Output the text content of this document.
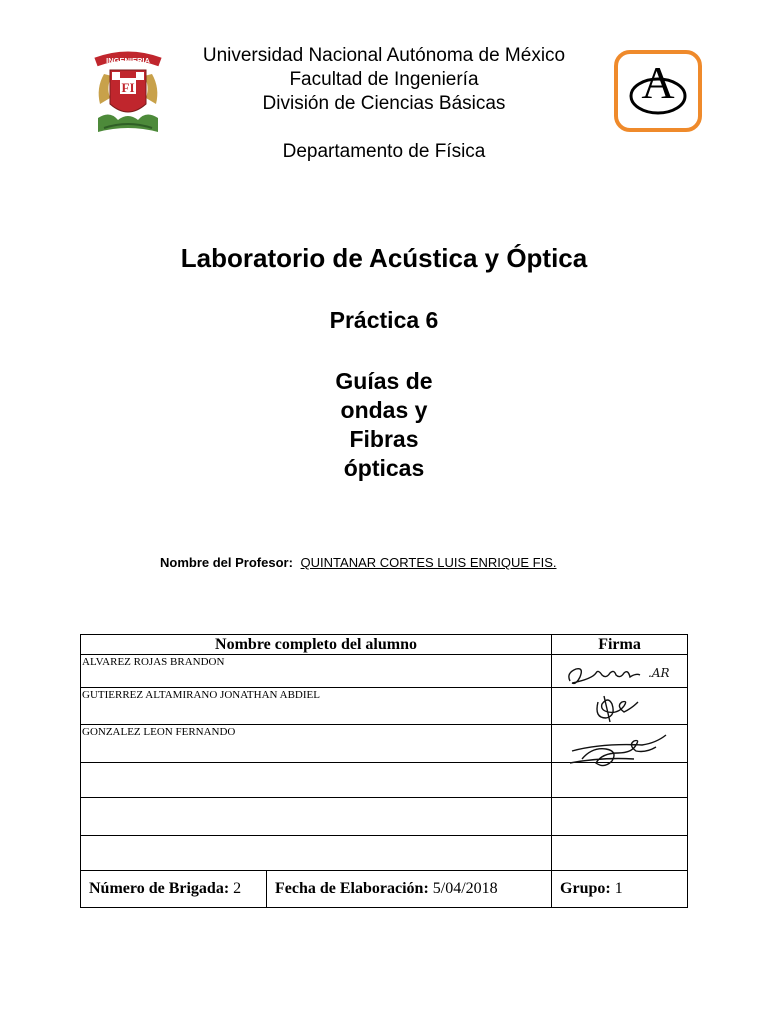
INGENIERIA
FI	A
Universidad Nacional Autónoma de México
Facultad de Ingeniería
División de Ciencias Básicas
Departamento de Física
Laboratorio de Acústica y Óptica
Práctica 6
Guías de
ondas y
Fibras
ópticas
Nombre del Profesor: QUINTANAR CORTES LUIS ENRIQUE FIS.
Nombre completo del alumno		Firma
ALVAREZ ROJAS BRANDON		.AR

GUTIERREZ ALTAMIRANO JONATHAN ABDIEL	

GONZALEZ LEON FERNANDO	

Número de Brigada: 2	Fecha de Elaboración: 5/04/2018	Grupo: 1
